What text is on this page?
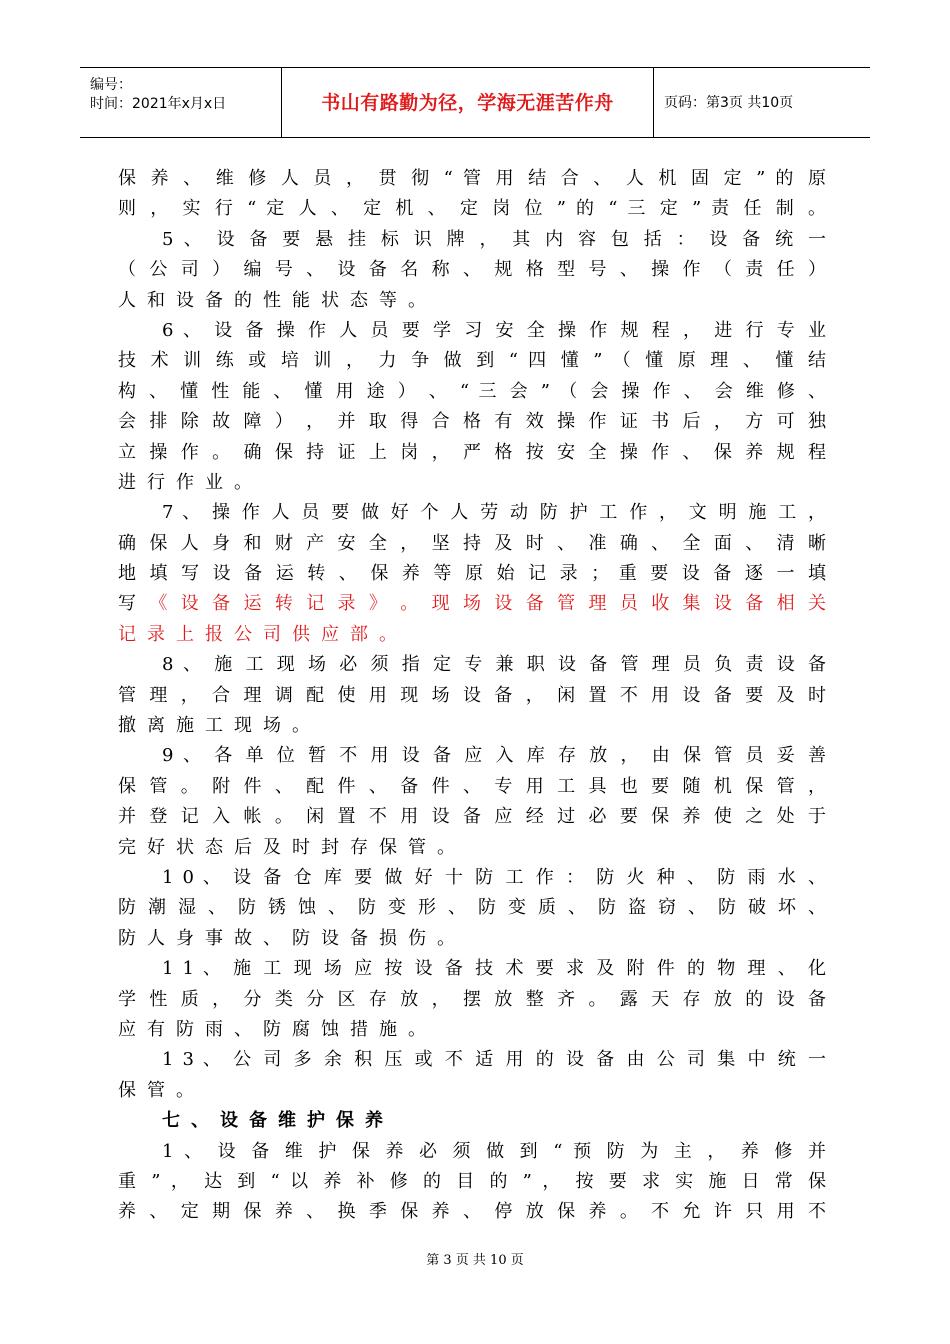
编号：
时间：2021年x月x日	书山有路勤为径，学海无涯苦作舟	页码：第3页 共10页
保 养 、 维 修 人 员 ， 贯 彻 “ 管 用 结 合 、 人 机 固 定 ” 的 原
则 ， 实 行 “ 定 人 、 定 机 、 定 岗 位 ” 的 “ 三 定 ” 责 任 制 。
5 、 设 备 要 悬 挂 标 识 牌 ， 其 内 容 包 括 ： 设 备 统 一
（ 公 司 ） 编 号 、 设 备 名 称 、 规 格 型 号 、 操 作 （ 责 任 ）
人和设备的性能状态等。
6 、 设 备 操 作 人 员 要 学 习 安 全 操 作 规 程 ， 进 行 专 业
技 术 训 练 或 培 训 ， 力 争 做 到 “ 四 懂 ” （ 懂 原 理 、 懂 结
构 、 懂 性 能 、 懂 用 途 ） 、 “ 三 会 ” （ 会 操 作 、 会 维 修 、
会 排 除 故 障 ） ， 并 取 得 合 格 有 效 操 作 证 书 后 ， 方 可 独
立 操 作 。 确 保 持 证 上 岗 ， 严 格 按 安 全 操 作 、 保 养 规 程
进行作业。
7 、 操 作 人 员 要 做 好 个 人 劳 动 防 护 工 作 ， 文 明 施 工 ，
确 保 人 身 和 财 产 安 全 ， 坚 持 及 时 、 准 确 、 全 面 、 清 晰
地 填 写 设 备 运 转 、 保 养 等 原 始 记 录 ； 重 要 设 备 逐 一 填
写 《 设 备 运 转 记 录 》 。 现 场 设 备 管 理 员 收 集 设 备 相 关
记录上报公司供应部。
8 、 施 工 现 场 必 须 指 定 专 兼 职 设 备 管 理 员 负 责 设 备
管 理 ， 合 理 调 配 使 用 现 场 设 备 ， 闲 置 不 用 设 备 要 及 时
撤离施工现场。
9 、 各 单 位 暂 不 用 设 备 应 入 库 存 放 ， 由 保 管 员 妥 善
保 管 。 附 件 、 配 件 、 备 件 、 专 用 工 具 也 要 随 机 保 管 ，
并 登 记 入 帐 。 闲 置 不 用 设 备 应 经 过 必 要 保 养 使 之 处 于
完好状态后及时封存保管。
1 0 、 设 备 仓 库 要 做 好 十 防 工 作 ： 防 火 种 、 防 雨 水 、
防 潮 湿 、 防 锈 蚀 、 防 变 形 、 防 变 质 、 防 盗 窃 、 防 破 坏 、
防人身事故、防设备损伤。
1 1 、 施 工 现 场 应 按 设 备 技 术 要 求 及 附 件 的 物 理 、 化
学 性 质 ， 分 类 分 区 存 放 ， 摆 放 整 齐 。 露 天 存 放 的 设 备
应有防雨、防腐蚀措施。
1 3 、 公 司 多 余 积 压 或 不 适 用 的 设 备 由 公 司 集 中 统 一
保管。
七、设备维护保养
1 、 设 备 维 护 保 养 必 须 做 到 “ 预 防 为 主 ， 养 修 并
重 ” ， 达 到 “ 以 养 补 修 的 目 的 ” ， 按 要 求 实 施 日 常 保
养 、 定 期 保 养 、 换 季 保 养 、 停 放 保 养 。 不 允 许 只 用 不
第 3 页 共 10 页
